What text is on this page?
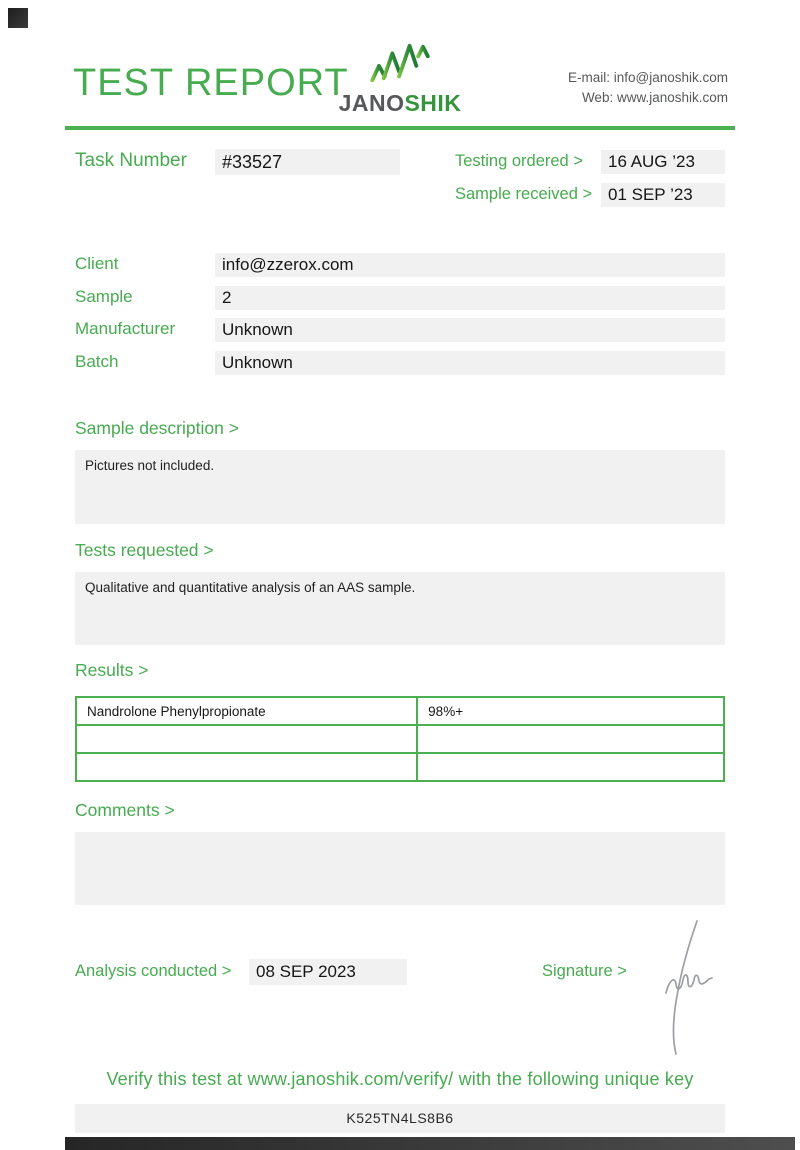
TEST REPORT
JANOSHIK
E-mail: info@janoshik.com
Web: www.janoshik.com
Task Number	#33527	Testing ordered >	16 AUG ’23
Sample received > 01 SEP ’23
Client	info@zzerox.com
Sample	2
Manufacturer	Unknown
Batch	Unknown
Sample description >
Pictures not included.
Tests requested >
Qualitative and quantitative analysis of an AAS sample.
Results >
Nandrolone Phenylpropionate	98%+

Comments >
Analysis conducted >	08 SEP 2023	Signature >
Verify this test at www.janoshik.com/verify/ with the following unique key
K525TN4LS8B6
